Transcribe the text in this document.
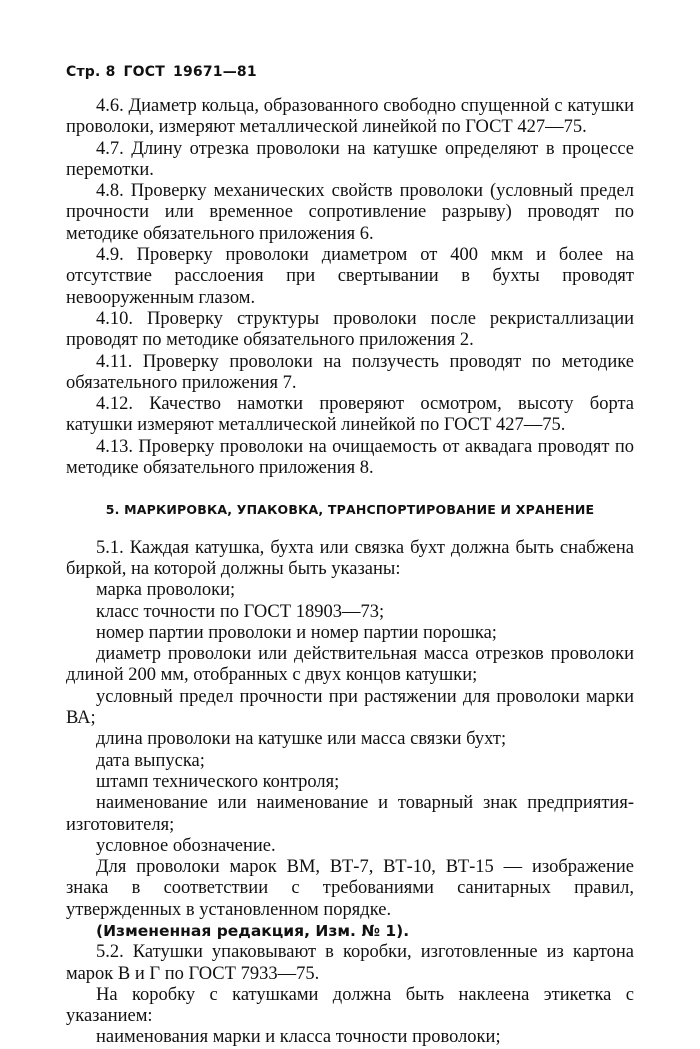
Стр. 8 ГОСТ 19671—81

4.6. Диаметр кольца, образованного свободно спущенной с катушки проволоки, измеряют металлической линейкой по ГОСТ 427—75.

4.7. Длину отрезка проволоки на катушке определяют в процессе перемотки.

4.8. Проверку механических свойств проволоки (условный предел прочности или временное сопротивление разрыву) проводят по методике обязательного приложения 6.

4.9. Проверку проволоки диаметром от 400 мкм и более на отсутствие расслоения при свертывании в бухты проводят невооруженным глазом.

4.10. Проверку структуры проволоки после рекристаллизации проводят по методике обязательного приложения 2.

4.11. Проверку проволоки на ползучесть проводят по методике обязательного приложения 7.

4.12. Качество намотки проверяют осмотром, высоту борта катушки измеряют металлической линейкой по ГОСТ 427—75.

4.13. Проверку проволоки на очищаемость от аквадага проводят по методике обязательного приложения 8.

5. МАРКИРОВКА, УПАКОВКА, ТРАНСПОРТИРОВАНИЕ И ХРАНЕНИЕ

5.1. Каждая катушка, бухта или связка бухт должна быть снабжена биркой, на которой должны быть указаны:

марка проволоки;

класс точности по ГОСТ 18903—73;

номер партии проволоки и номер партии порошка;

диаметр проволоки или действительная масса отрезков проволоки длиной 200 мм, отобранных с двух концов катушки;

условный предел прочности при растяжении для проволоки марки ВА;

длина проволоки на катушке или масса связки бухт;

дата выпуска;

штамп технического контроля;

наименование или наименование и товарный знак предприятия-изготовителя;

условное обозначение.

Для проволоки марок ВМ, ВТ-7, ВТ-10, ВТ-15 — изображение знака в соответствии с требованиями санитарных правил, утвержденных в установленном порядке.

(Измененная редакция, Изм. № 1).

5.2. Катушки упаковывают в коробки, изготовленные из картона марок В и Г по ГОСТ 7933—75.

На коробку с катушками должна быть наклеена этикетка с указанием:

наименования марки и класса точности проволоки;
